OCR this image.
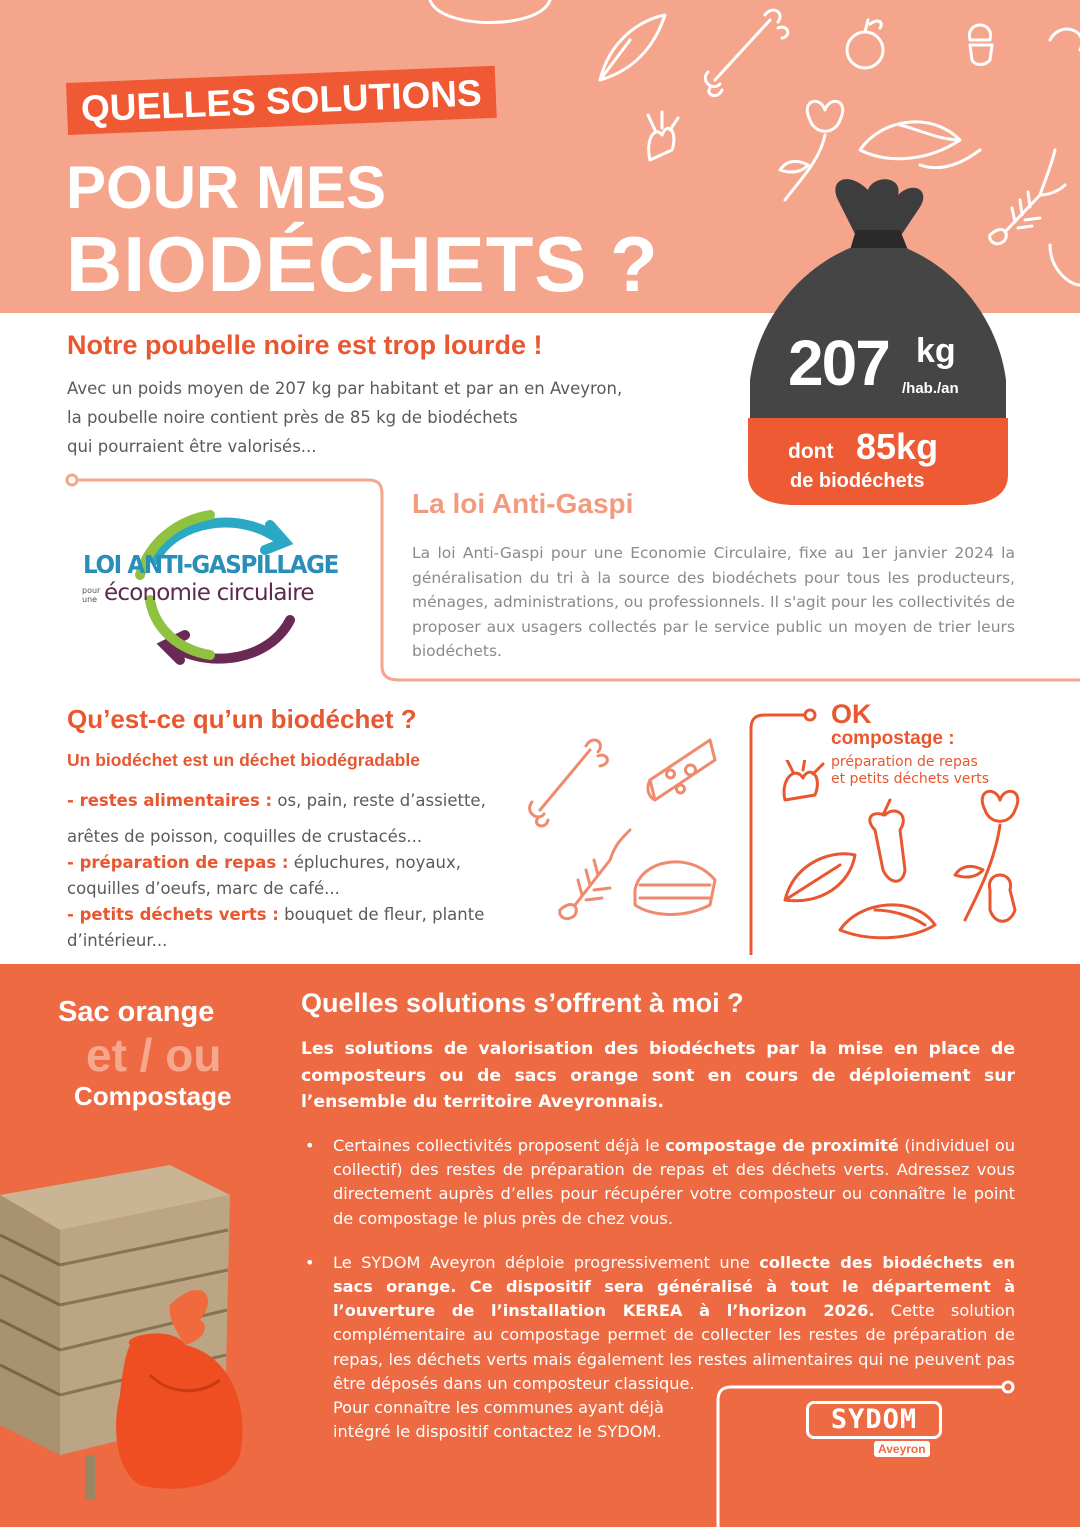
QUELLES SOLUTIONS
POUR MES
BIODÉCHETS ?
Notre poubelle noire est trop lourde !
Avec un poids moyen de 207 kg par habitant et par an en Aveyron,
la poubelle noire contient près de 85 kg de biodéchets
qui pourraient être valorisés...
207 kg
/hab./an
dont 85kg
de biodéchets
LOI ANTI-GASPILLAGE
pour
une économie circulaire
La loi Anti-Gaspi
La loi Anti-Gaspi pour une Economie Circulaire, fixe au 1er janvier 2024 la généralisation du tri à la source des biodéchets pour tous les producteurs, ménages, administrations, ou professionnels. Il s'agit pour les collectivités de proposer aux usagers collectés par le service public un moyen de trier leurs biodéchets.
Qu’est-ce qu’un biodéchet ?
Un biodéchet est un déchet biodégradable
- restes alimentaires : os, pain, reste d’assiette,
arêtes de poisson, coquilles de crustacés...
- préparation de repas : épluchures, noyaux,
coquilles d’oeufs, marc de café...
- petits déchets verts : bouquet de fleur, plante
d’intérieur...
OK
compostage :
préparation de repas
et petits déchets verts
Sac orange
et / ou
Compostage
Quelles solutions s’offrent à moi ?
Les solutions de valorisation des biodéchets par la mise en place de composteurs ou de sacs orange sont en cours de déploiement sur l’ensemble du territoire Aveyronnais.
• Certaines collectivités proposent déjà le compostage de proximité (individuel ou collectif) des restes de préparation de repas et des déchets verts. Adressez vous directement auprès d’elles pour récupérer votre composteur ou connaître le point de compostage le plus près de chez vous.
• Le SYDOM Aveyron déploie progressivement une collecte des biodéchets en sacs orange. Ce dispositif sera généralisé à tout le département à l’ouverture de l’installation KEREA à l’horizon 2026. Cette solution complémentaire au compostage permet de collecter les restes de préparation de repas, les déchets verts mais également les restes alimentaires qui ne peuvent pas être déposés dans un composteur classique.
Pour connaître les communes ayant déjà
intégré le dispositif contactez le SYDOM.	SYDOM
Aveyron
